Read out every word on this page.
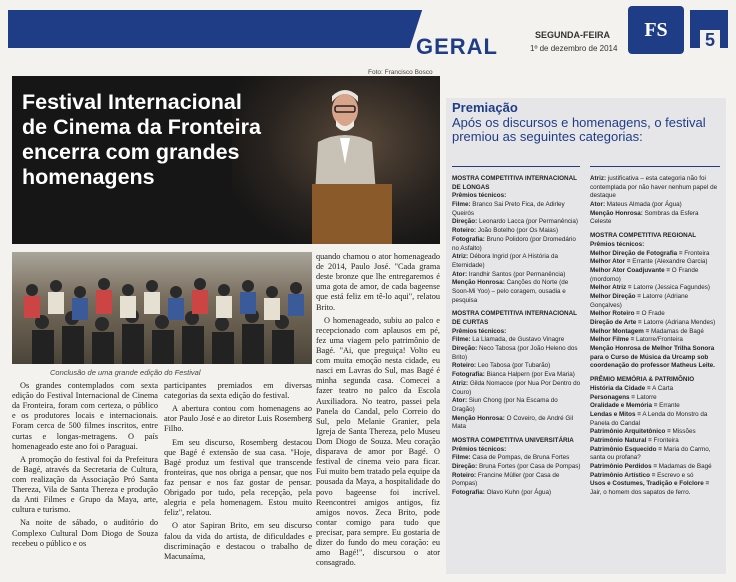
GERAL	SEGUNDA-FEIRA
1º de dezembro de 2014
FS 5
Foto: Francisco Bosco
Festival Internacional de Cinema da Fronteira encerra com grandes homenagens
Conclusão de uma grande edição do Festival

Os grandes contemplados com sexta edição do Festival Internacional de Cinema da Fronteira, foram com certeza, o público e os produtores locais e internacionais. Foram cerca de 500 filmes inscritos, entre curtas e longas-metragens. O país homenageado este ano foi o Paraguai.

A promoção do festival foi da Prefeitura de Bagé, através da Secretaria de Cultura, com realização da Associação Pró Santa Thereza, Vila de Santa Thereza e produção da Anti Filmes e Grupo da Maya, arte, cultura e turismo.

Na noite de sábado, o auditório do Complexo Cultural Dom Diogo de Souza recebeu o público e os

participantes premiados em diversas categorias da sexta edição do festival.

A abertura contou com homenagens ao ator Paulo José e ao diretor Luis Rosemberg Filho.

Em seu discurso, Rosemberg destacou que Bagé é extensão de sua casa. "Hoje, Bagé produz um festival que transcende fronteiras, que nos obriga a pensar, que nos faz pensar e nos faz gostar de pensar. Obrigado por tudo, pela recepção, pela alegria e pela homenagem. Estou muito feliz", relatou.

O ator Sapiran Brito, em seu discurso falou da vida do artista, de dificuldades e discriminação e destacou o trabalho de Macunaíma,

quando chamou o ator homenageado de 2014, Paulo José. "Cada grama deste bronze que lhe entregaremos é uma gota de amor, de cada bageense que está feliz em tê-lo aqui", relatou Brito.

O homenageado, subiu ao palco e recepcionado com aplausos em pé, fez uma viagem pelo patrimônio de Bagé. "Ai, que preguiça! Volto eu com muita emoção nesta cidade, eu nasci em Lavras do Sul, mas Bagé é minha segunda casa. Comecei a fazer teatro no palco da Escola Auxiliadora. No teatro, passei pela Panela do Candal, pelo Correio do Sul, pelo Melanie Granier, pela Igreja de Santa Thereza, pelo Museu Dom Diogo de Souza. Meu coração disparava de amor por Bagé. O festival de cinema veio para ficar. Fui muito bem tratado pela equipe da pousada da Maya, a hospitalidade do povo bageense foi incrível. Reencontrei amigos antigos, fiz amigos novos. Zeca Brito, pode contar comigo para tudo que precisar, para sempre. Eu gostaria de dizer do fundo do meu coração: eu amo Bagé!", discursou o ator consagrado.

Premiação
Após os discursos e homenagens, o festival premiou as seguintes categorias:
MOSTRA COMPETITIVA INTERNACIONAL DE LONGAS
Prêmios técnicos:
Filme: Branco Sai Preto Fica, de Adirley Queirós
Direção: Leonardo Lacca (por Permanência)
Roteiro: João Botelho (por Os Maias)
Fotografia: Bruno Polidoro (por Dromedário no Asfalto)
Atriz: Débora Ingrid (por A História da Eternidade)
Ator: Irandhir Santos (por Permanência)
Menção Honrosa: Canções do Norte (de Soon-Mi Yoo) – pelo coragem, ousadia e pesquisa
MOSTRA COMPETITIVA INTERNACIONAL DE CURTAS
Prêmios técnicos:
Filme: La Llamada, de Gustavo Vinagre
Direção: Neco Tabosa (por João Heleno dos Brito)
Roteiro: Leo Tabosa (por Tubarão)
Fotografia: Bianca Halpern (por Eva Maria)
Atriz: Gilda Nomacce (por Nua Por Dentro do Couro)
Ator: Siun Chong (por Na Escama do Dragão)
Menção Honrosa: O Coveiro, de André Gil Mata
MOSTRA COMPETITIVA UNIVERSITÁRIA
Prêmios técnicos:
Filme: Casa de Pompas, de Bruna Fortes
Direção: Bruna Fortes (por Casa de Pompas)
Roteiro: Francine Müller (por Casa de Pompas)
Fotografia: Olavo Kuhn (por Água)
Atriz: justificativa – esta categoria não foi contemplada por não haver nenhum papel de destaque
Ator: Mateus Almada (por Água)
Menção Honrosa: Sombras da Esfera Celeste
MOSTRA COMPETITIVA REGIONAL
Prêmios técnicos:
Melhor Direção de Fotografia = Fronteira
Melhor Ator = Errante (Alexandre Garcia)
Melhor Ator Coadjuvante = O Frande (mordomo)
Melhor Atriz = Latorre (Jessica Fagundes)
Melhor Direção = Latorre (Adriane Gonçalves)
Melhor Roteiro = O Frade
Direção de Arte = Latorre (Adriana Mendes)
Melhor Montagem = Madamas de Bagé
Melhor Filme = Latorre/Fronteira
Menção Honrosa de Melhor Trilha Sonora para o Curso de Música da Urcamp sob coordenação do professor Matheus Leite.
PRÊMIO MEMÓRIA & PATRIMÔNIO
História da Cidade = A Carta
Personagens = Latorre
Oralidade e Memória = Errante
Lendas e Mitos = A Lenda do Monstro da Panela do Candal
Patrimônio Arquitetônico = Missões
Patrimônio Natural = Fronteira
Patrimônio Esquecido = Maria do Carmo, santa ou profana?
Patrimônio Perdidos = Madamas de Bagé
Patrimônio Artístico = Escrevo e só
Usos e Costumes, Tradição e Folclore = Jair, o homem dos sapatos de ferro.
